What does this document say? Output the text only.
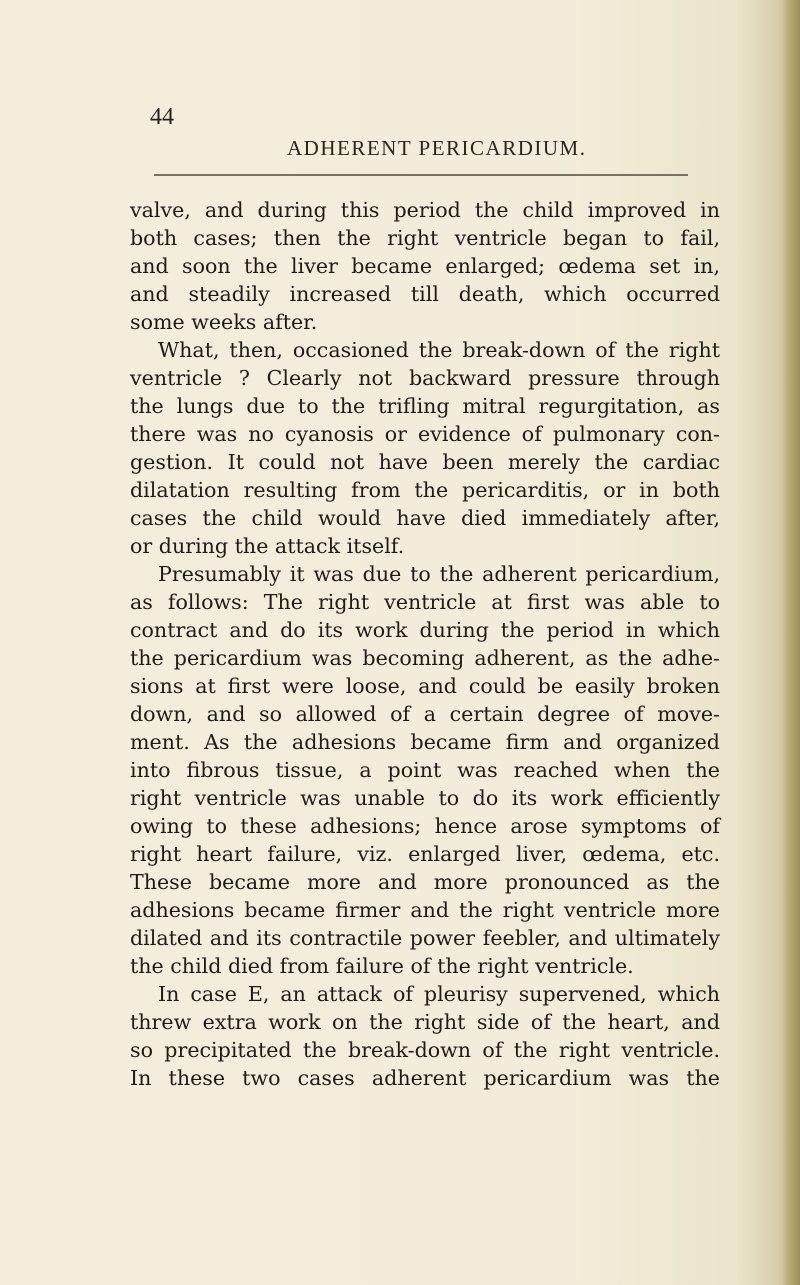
44
ADHERENT PERICARDIUM.
valve, and during this period the child improved in
both cases; then the right ventricle began to fail,
and soon the liver became enlarged; œdema set in,
and steadily increased till death, which occurred
some weeks after.
What, then, occasioned the break-down of the right
ventricle ? Clearly not backward pressure through
the lungs due to the trifling mitral regurgitation, as
there was no cyanosis or evidence of pulmonary con-
gestion. It could not have been merely the cardiac
dilatation resulting from the pericarditis, or in both
cases the child would have died immediately after,
or during the attack itself.
Presumably it was due to the adherent pericardium,
as follows: The right ventricle at first was able to
contract and do its work during the period in which
the pericardium was becoming adherent, as the adhe-
sions at first were loose, and could be easily broken
down, and so allowed of a certain degree of move-
ment. As the adhesions became firm and organized
into fibrous tissue, a point was reached when the
right ventricle was unable to do its work efficiently
owing to these adhesions; hence arose symptoms of
right heart failure, viz. enlarged liver, œdema, etc.
These became more and more pronounced as the
adhesions became firmer and the right ventricle more
dilated and its contractile power feebler, and ultimately
the child died from failure of the right ventricle.
In case E, an attack of pleurisy supervened, which
threw extra work on the right side of the heart, and
so precipitated the break-down of the right ventricle.
In these two cases adherent pericardium was the
